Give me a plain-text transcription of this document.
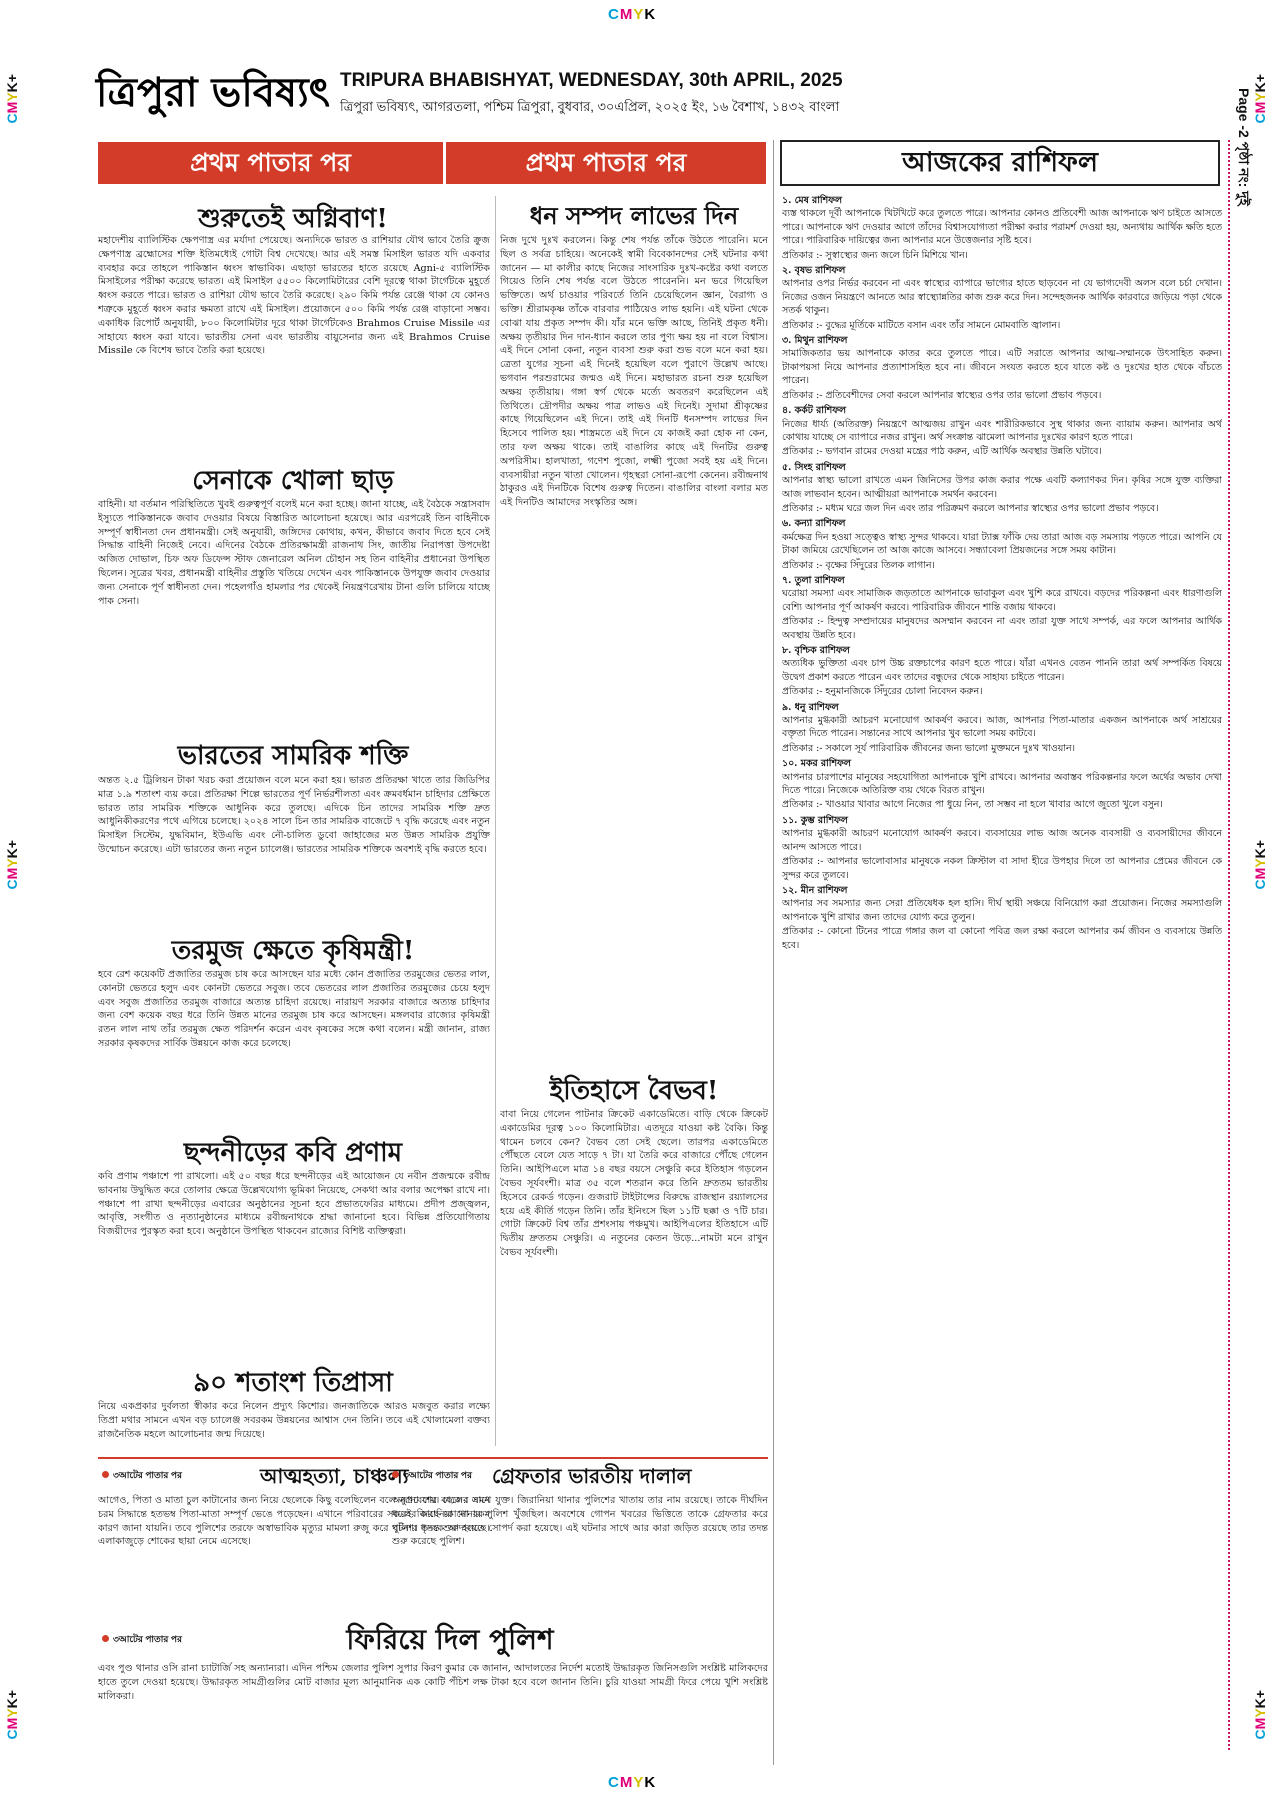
CMYK
CMYK
CMYK+
CMYK+
CMYK+
CMYK+
CMYK+
CMYK+
ত্রিপুরা ভবিষ্যৎ TRIPURA BHABISHYAT, WEDNESDAY, 30th APRIL, 2025
ত্রিপুরা ভবিষ্যৎ, আগরতলা, পশ্চিম ত্রিপুরা, বুধবার, ৩০এপ্রিল, ২০২৫ ইং, ১৬ বৈশাখ, ১৪৩২ বাংলা	Page -2 পৃষ্ঠা নং: দুই
প্রথম পাতার পর	প্রথম পাতার পর	আজকের রাশিফল
শুরুতেই অগ্নিবাণ!

মহাদেশীয় ব্যালিস্টিক ক্ষেপণাস্ত্র এর মর্যাদা পেয়েছে। অন্যদিকে ভারত ও রাশিয়ার যৌথ ভাবে তৈরি ক্রুজ ক্ষেপণাস্ত্র ব্রহ্মোসের শক্তি ইতিমধ্যেই গোটা বিশ্ব দেখেছে। আর এই সমস্ত মিসাইল ভারত যদি একবার ব্যবহার করে তাহলে পাকিস্তান ধ্বংস স্বাভাবিক। এছাড়া ভারতের হাতে রয়েছে Agni-৫ ব্যালিস্টিক মিসাইলের পরীক্ষা করেছে ভারত। এই মিসাইল ৫৫০০ কিলোমিটারের বেশি দূরত্বে থাকা টার্গেটকে মুহূর্তে ধ্বংস করতে পারে। ভারত ও রাশিয়া যৌথ ভাবে তৈরি করেছে। ২৯০ কিমি পর্যন্ত রেঞ্জে থাকা যে কোনও শত্রুকে মুহূর্তে ধ্বংস করার ক্ষমতা রাখে এই মিসাইল। প্রয়োজনে ৫০০ কিমি পর্যন্ত রেঞ্জ বাড়ানো সম্ভব। একাধিক রিপোর্ট অনুযায়ী, ৮০০ কিলোমিটার দূরে থাকা টার্গেটকেও Brahmos Cruise Missile এর সাহায্যে ধ্বংস করা যাবে। ভারতীয় সেনা এবং ভারতীয় বায়ুসেনার জন্য এই Brahmos Cruise Missile কে বিশেষ ভাবে তৈরি করা হয়েছে।

সেনাকে খোলা ছাড়

বাহিনী। যা বর্তমান পরিস্থিতিতে খুবই গুরুত্বপূর্ণ বলেই মনে করা হচ্ছে। জানা যাচ্ছে, এই বৈঠকে সন্ত্রাসবাদ ইস্যুতে পাকিস্তানকে জবাব দেওয়ার বিষয়ে বিস্তারিত আলোচনা হয়েছে। আর এরপরেই তিন বাহিনীকে সম্পূর্ণ স্বাধীনতা দেন প্রধানমন্ত্রী। সেই অনুযায়ী, জঙ্গিদের কোথায়, কখন, কীভাবে জবাব দিতে হবে সেই সিদ্ধান্ত বাহিনী নিজেই নেবে। এদিনের বৈঠকে প্রতিরক্ষামন্ত্রী রাজনাথ সিং, জাতীয় নিরাপত্তা উপদেষ্টা অজিত দোভাল, চিফ অফ ডিফেন্স স্টাফ জেনারেল অনিল চৌহান সহ তিন বাহিনীর প্রধানেরা উপস্থিত ছিলেন। সূত্রের খবর, প্রধানমন্ত্রী বাহিনীর প্রস্তুতি খতিয়ে দেখেন এবং পাকিস্তানকে উপযুক্ত জবাব দেওয়ার জন্য সেনাকে পূর্ণ স্বাধীনতা দেন। পহেলগাঁও হামলার পর থেকেই নিয়ন্ত্রণরেখায় টানা গুলি চালিয়ে যাচ্ছে পাক সেনা।

ভারতের সামরিক শক্তি

অন্তত ২.৫ ট্রিলিয়ন টাকা খরচ করা প্রয়োজন বলে মনে করা হয়। ভারত প্রতিরক্ষা খাতে তার জিডিপির মাত্র ১.৯ শতাংশ ব্যয় করে। প্রতিরক্ষা শিল্পে ভারতের পূর্ণ নির্ভরশীলতা এবং ক্রমবর্ধমান চাহিদার প্রেক্ষিতে ভারত তার সামরিক শক্তিকে আধুনিক করে তুলছে। এদিকে চিন তাদের সামরিক শক্তি দ্রুত আধুনিকীকরণের পথে এগিয়ে চলেছে। ২০২৪ সালে চিন তার সামরিক বাজেটে ৭ বৃদ্ধি করেছে এবং নতুন মিসাইল সিস্টেম, যুদ্ধবিমান, ইউএভি এবং নৌ-চালিত ডুবো জাহাজের মত উন্নত সামরিক প্রযুক্তি উন্মোচন করেছে। এটা ভারতের জন্য নতুন চ্যালেঞ্জ। ভারতের সামরিক শক্তিকে অবশ্যই বৃদ্ধি করতে হবে।

তরমুজ ক্ষেতে কৃষিমন্ত্রী!

হবে রেশ কয়েকটি প্রজাতির তরমুজ চাষ করে আসছেন যার মধ্যে কোন প্রজাতির তরমুজের ভেতর লাল, কোনটা ভেতরে হলুদ এবং কোনটা ভেতরে সবুজ। তবে ভেতরের লাল প্রজাতির তরমুজের চেয়ে হলুদ এবং সবুজ প্রজাতির তরমুজ বাজারে অত্যন্ত চাহিদা রয়েছে। নারায়ণ সরকার বাজারে অত্যন্ত চাহিদার জন্য বেশ কয়েক বছর ধরে তিনি উন্নত মানের তরমুজ চাষ করে আসছেন। মঙ্গলবার রাজ্যের কৃষিমন্ত্রী রতন লাল নাথ তাঁর তরমুজ ক্ষেত পরিদর্শন করেন এবং কৃষকের সঙ্গে কথা বলেন। মন্ত্রী জানান, রাজ্য সরকার কৃষকদের সার্বিক উন্নয়নে কাজ করে চলেছে।

ছন্দনীড়ের কবি প্রণাম

কবি প্রণাম পঞ্চাশে পা রাখলো। এই ৫০ বছর ধরে ছন্দনীড়ের এই আয়োজন যে নবীন প্রজন্মকে রবীন্দ্র ভাবনায় উদ্বুদ্ধিত করে তোলার ক্ষেত্রে উল্লেখযোগ্য ভূমিকা নিয়েছে, সেকথা আর বলার অপেক্ষা রাখে না। পঞ্চাশে পা রাখা ছন্দনীড়ের এবারের অনুষ্ঠানের সূচনা হবে প্রভাতফেরির মাধ্যমে। প্রদীপ প্রজ্জ্বলন, আবৃত্তি, সংগীত ও নৃত্যানুষ্ঠানের মাধ্যমে রবীন্দ্রনাথকে শ্রদ্ধা জানানো হবে। বিভিন্ন প্রতিযোগিতায় বিজয়ীদের পুরস্কৃত করা হবে। অনুষ্ঠানে উপস্থিত থাকবেন রাজ্যের বিশিষ্ট ব্যক্তিত্বরা।

৯০ শতাংশ তিপ্রাসা

নিয়ে একপ্রকার দুর্বলতা স্বীকার করে নিলেন প্রদ্যুৎ কিশোর। জনজাতিকে আরও মজবুত করার লক্ষ্যে তিপ্রা মথার সামনে এখন বড় চ্যালেঞ্জ সবরকম উন্নয়নের আশ্বাস দেন তিনি। তবে এই খোলামেলা বক্তব্য রাজনৈতিক মহলে আলোচনার জন্ম দিয়েছে।

ধন সম্পদ লাভের দিন

নিজ দুখে দুঃখ করলেন। কিন্তু শেষ পর্যন্ত তাঁকে উঠতে পারেনি। মনে ছিল ও সর্বত্র চাহিয়ে। অনেকেই স্বামী বিবেকানন্দের সেই ঘটনার কথা জানেন — মা কালীর কাছে নিজের সাংসারিক দুঃখ-কষ্টের কথা বলতে গিয়েও তিনি শেষ পর্যন্ত বলে উঠতে পারেননি। মন ভরে গিয়েছিল ভক্তিতে। অর্থ চাওয়ার পরিবর্তে তিনি চেয়েছিলেন জ্ঞান, বৈরাগ্য ও ভক্তি। শ্রীরামকৃষ্ণ তাঁকে বারবার পাঠিয়েও লাভ হয়নি। এই ঘটনা থেকে বোঝা যায় প্রকৃত সম্পদ কী। যাঁর মনে ভক্তি আছে, তিনিই প্রকৃত ধনী। অক্ষয় তৃতীয়ার দিন দান-ধ্যান করলে তার পুণ্য ক্ষয় হয় না বলে বিশ্বাস। এই দিনে সোনা কেনা, নতুন ব্যবসা শুরু করা শুভ বলে মনে করা হয়। ত্রেতা যুগের সূচনা এই দিনেই হয়েছিল বলে পুরাণে উল্লেখ আছে। ভগবান পরশুরামের জন্মও এই দিনে। মহাভারত রচনা শুরু হয়েছিল অক্ষয় তৃতীয়ায়। গঙ্গা স্বর্গ থেকে মর্ত্যে অবতরণ করেছিলেন এই তিথিতে। দ্রৌপদীর অক্ষয় পাত্র লাভও এই দিনেই। সুদামা শ্রীকৃষ্ণের কাছে গিয়েছিলেন এই দিনে। তাই এই দিনটি ধনসম্পদ লাভের দিন হিসেবে পালিত হয়। শাস্ত্রমতে এই দিনে যে কাজই করা হোক না কেন, তার ফল অক্ষয় থাকে। তাই বাঙালির কাছে এই দিনটির গুরুত্ব অপরিসীম। হালখাতা, গণেশ পুজো, লক্ষ্মী পুজো সবই হয় এই দিনে। ব্যবসায়ীরা নতুন খাতা খোলেন। গৃহস্থরা সোনা-রূপো কেনেন। রবীন্দ্রনাথ ঠাকুরও এই দিনটিকে বিশেষ গুরুত্ব দিতেন। বাঙালির বাংলা বলার মত এই দিনটিও আমাদের সংস্কৃতির অঙ্গ।

ইতিহাসে বৈভব!

বাবা নিয়ে গেলেন পাটনার ক্রিকেট একাডেমিতে। বাড়ি থেকে ক্রিকেট একাডেমির দূরত্ব ১০০ কিলোমিটার। এতদূরে যাওয়া কষ্ট বৈকি। কিন্তু থামেন চলবে কেন? বৈভব তো সেই ছেলে। তারপর একাডেমিতে পৌঁছতে বেলে যেত সাড়ে ৭ টা। যা তৈরি করে বাজারে পৌঁছে গেলেন তিনি। আইপিএলে মাত্র ১৪ বছর বয়সে সেঞ্চুরি করে ইতিহাস গড়লেন বৈভব সূর্যবংশী। মাত্র ৩৫ বলে শতরান করে তিনি দ্রুততম ভারতীয় হিসেবে রেকর্ড গড়েন। গুজরাট টাইটান্সের বিরুদ্ধে রাজস্থান রয়্যালসের হয়ে এই কীর্তি গড়েন তিনি। তাঁর ইনিংসে ছিল ১১টি ছক্কা ও ৭টি চার। গোটা ক্রিকেট বিশ্ব তাঁর প্রশংসায় পঞ্চমুখ। আইপিএলের ইতিহাসে এটি দ্বিতীয় দ্রুততম সেঞ্চুরি। এ নতুনের কেতন উড়ে...নামটা মনে রাখুন বৈভব সূর্যবংশী।

৩আটের পাতার পর	আত্মহত্যা, চাঞ্চল্য

আগেও, পিতা ও মাতা চুল কাটানোর জন্য নিয়ে ছেলেকে কিছু বলেছিলেন বলে জানা যায়। ছেলের এমন চরম সিদ্ধান্তে হতভম্ব পিতা-মাতা সম্পূর্ণ ভেঙে পড়েছেন। এখানে পরিবারের সকলের কাছে কোনো রকম কারণ জানা যায়নি। তবে পুলিশের তরফে অস্বাভাবিক মৃত্যুর মামলা রুজু করে ঘটনার তদন্ত শুরু হয়েছে। এলাকাজুড়ে শোকের ছায়া নেমে এসেছে।

৩আটের পাতার পর গ্রেফতার ভারতীয় দালাল

অনুপ্রবেশের কাজের সাথে যুক্ত। জিরানিয়া থানার পুলিশের খাতায় তার নাম রয়েছে। তাকে দীর্ঘদিন ধরেই জিরানিয়া থানার পুলিশ খুঁজছিল। অবশেষে গোপন খবরের ভিত্তিতে তাকে গ্রেফতার করে পুলিশ। ধৃতকে আদালতে সোপর্দ করা হয়েছে। এই ঘটনার সাথে আর কারা জড়িত রয়েছে তার তদন্ত শুরু করেছে পুলিশ।

৩আটের পাতার পর	ফিরিয়ে দিল পুলিশ

এবং পুণ্ড থানার ওসি রানা চ্যাটার্জি সহ অন্যান্যরা। এদিন পশ্চিম জেলার পুলিশ সুপার কিরণ কুমার কে জানান, আদালতের নির্দেশ মতোই উদ্ধারকৃত জিনিসগুলি সংশ্লিষ্ট মালিকদের হাতে তুলে দেওয়া হয়েছে। উদ্ধারকৃত সামগ্রীগুলির মোট বাজার মূল্য আনুমানিক এক কোটি পঁচিশ লক্ষ টাকা হবে বলে জানান তিনি। চুরি যাওয়া সামগ্রী ফিরে পেয়ে খুশি সংশ্লিষ্ট মালিকরা।

১. মেষ রাশিফল
ব্যস্ত থাকলে দূর্বী আপনাকে খিটখিটে করে তুলতে পারে। আপনার কোনও প্রতিবেশী আজ আপনাকে ঋণ চাইতে আসতে পারে। আপনাকে ঋণ দেওয়ার আগে তাঁদের বিশ্বাসযোগ্যতা পরীক্ষা করার পরামর্শ দেওয়া হয়, অন্যথায় আর্থিক ক্ষতি হতে পারে। পারিবারিক দায়িত্বের জন্য আপনার মনে উত্তেজনার সৃষ্টি হবে।
প্রতিকার :- সুস্বাস্থ্যের জন্য জলে চিনি মিশিয়ে খান।
২. বৃষভ রাশিফল
আপনার ওপর নির্ভর করবেন না এবং স্বাস্থ্যের ব্যাপারে ভাগ্যের হাতে ছাড়বেন না যে ভাগ্যদেবী অলস বলে চর্চা দেখান। নিজের ওজন নিয়ন্ত্রণে আনতে আর স্বাস্থ্যোন্নতির কাজ শুরু করে দিন। সন্দেহজনক আর্থিক কারবারে জড়িয়ে পড়া থেকে সতর্ক থাকুন।
প্রতিকার :- বুদ্ধের মূর্তিকে মাটিতে বসান এবং তাঁর সামনে মোমবাতি জ্বালান।
৩. মিথুন রাশিফল
সামাজিকতার ভয় আপনাকে কাতর করে তুলতে পারে। এটি সরাতে আপনার আত্ম-সম্মানকে উৎসাহিত করুন। টাকাপয়সা নিয়ে আপনার প্রত্যাশাসহিত হবে না। জীবনে সংযত করতে হবে যাতে কষ্ট ও দুঃখের হাত থেকে বাঁচতে পারেন।
প্রতিকার :- প্রতিবেশীদের সেবা করলে আপনার স্বাস্থ্যের ওপর তার ভালো প্রভাব পড়বে।
৪. কর্কট রাশিফল
নিজের ধার্য্য (অতিরক্ত) নিয়ন্ত্রণে আত্মজয় রাখুন এবং শারীরিকভাবে সুস্থ থাকার জন্য ব্যায়াম করুন। আপনার অর্থ কোথায় যাচ্ছে সে ব্যাপারে নজর রাখুন। অর্থ সংক্রান্ত ঝামেলা আপনার দুঃখের কারণ হতে পারে।
প্রতিকার :- ভগবান রামের দেওয়া মন্ত্রের পাঠ করুন, এটি আর্থিক অবস্থার উন্নতি ঘটাবে।
৫. সিংহ রাশিফল
আপনার স্বাস্থ্য ভালো রাখতে এমন জিনিসের উপর কাজ করার পক্ষে এবটি কল্যাণকর দিন। কৃষির সঙ্গে যুক্ত ব্যক্তিরা আজ লাভবান হবেন। আত্মীয়রা আপনাকে সমর্থন করবেন।
প্রতিকার :- মধ্যম ঘরে জল দিন এবং তার পরিক্রমণ করলে আপনার স্বাস্থ্যের ওপর ভালো প্রভাব পড়বে।
৬. কন্যা রাশিফল
কর্মক্ষেত্র দিন হওয়া সত্ত্বেও স্বাস্থ্য সুন্দর থাকবে। যারা ট্যাক্স ফাঁকি দেয় তারা আজ বড় সমস্যায় পড়তে পারে। আপনি যে টাকা জমিয়ে রেখেছিলেন তা আজ কাজে আসবে। সন্ধ্যাবেলা প্রিয়জনের সঙ্গে সময় কাটান।
প্রতিকার :- বৃক্ষের সিঁদুরের তিলক লাগান।
৭. তুলা রাশিফল
ঘরোয়া সমস্যা এবং সামাজিক জড়তাতে আপনাকে ভাবাকুল এবং খুশি করে রাখবে। বড়দের পরিকল্পনা এবং ধারণাগুলি বেশ্যি আপনার পূর্ণ আকর্ষণ করবে। পারিবারিক জীবনে শান্তি বজায় থাকবে।
প্রতিকার :- হিন্দুত্ব সম্প্রদায়ের মানুষদের অসম্মান করবেন না এবং তারা যুক্ত সাথে সম্পর্ক, এর ফলে আপনার আর্থিক অবস্থায় উন্নতি হবে।
৮. বৃশ্চিক রাশিফল
অত্যধিক ভুক্তিতা এবং চাপ উচ্চ রক্তচাপের কারণ হতে পারে। যাঁরা এখনও বেতন পাননি তারা অর্থ সম্পর্কিত বিষয়ে উদ্বেগ প্রকাশ করতে পারেন এবং তাদের বন্ধুদের থেকে সাহায্য চাইতে পারেন।
প্রতিকার :- হনুমানজিকে সিঁদুরের চোলা নিবেদন করুন।
৯. ধনু রাশিফল
আপনার মুগ্ধকারী আচরণ মনোযোগ আকর্ষণ করবে। আজ, আপনার পিতা-মাতার একজন আপনাকে অর্থ সাশ্রয়ের বক্তৃতা দিতে পারেন। সন্তানের সাথে আপনার খুব ভালো সময় কাটবে।
প্রতিকার :- সকালে সূর্য পারিবারিক জীবনের জন্য ভালো মুক্তমনে দুঃখ খাওয়ান।
১০. মকর রাশিফল
আপনার চারপাশের মানুষের সহযোগিতা আপনাকে খুশি রাখবে। আপনার অবাস্তব পরিকল্পনার ফলে অর্থের অভাব দেখা দিতে পারে। নিজেকে অতিরিক্ত ব্যয় থেকে বিরত রাখুন।
প্রতিকার :- খাওয়ার খাবার আগে নিজের পা ধুয়ে নিন, তা সম্ভব না হলে খাবার আগে জুতো খুলে বসুন।
১১. কুম্ভ রাশিফল
আপনার মুগ্ধকারী আচরণ মনোযোগ আকর্ষণ করবে। ব্যবসায়ের লাভ আজ অনেক ব্যবসায়ী ও ব্যবসায়ীদের জীবনে আনন্দ আসতে পারে।
প্রতিকার :- আপনার ভালোবাসার মানুষকে নকল ক্রিস্টাল বা সাদা হীরে উপহার দিলে তা আপনার প্রেমের জীবনে কে সুন্দর করে তুলবে।
১২. মীন রাশিফল
আপনার সব সমস্যার জন্য সেরা প্রতিষেধক হল হাসি। দীর্ঘ স্থায়ী সঞ্চয়ে বিনিয়োগ করা প্রয়োজন। নিজের সমস্যাগুলি আপনাকে খুশি রাখার জন্য তাদের যোগ্য করে তুলুন।
প্রতিকার :- কোনো টিনের পাত্রে গঙ্গার জল বা কোনো পবিত্র জল রক্ষা করলে আপনার কর্ম জীবন ও ব্যবসায়ে উন্নতি হবে।
